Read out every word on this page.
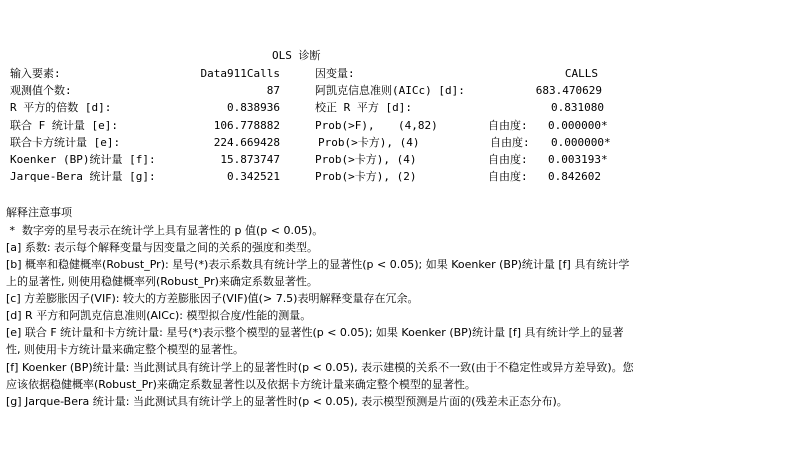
OLS 诊断
输入要素:	Data911Calls	因变量:	CALLS
观测值个数:	87	阿凯克信息准则(AICc) [d]:	683.470629
R 平方的倍数 [d]:	0.838936	校正 R 平方 [d]:	0.831080
联合 F 统计量 [e]:	106.778882	Prob(>F), (4,82)	自由度: 0.000000*
联合卡方统计量 [e]:	224.669428	Prob(>卡方), (4)	自由度: 0.000000*
Koenker (BP)统计量 [f]:	15.873747	Prob(>卡方), (4)	自由度: 0.003193*
Jarque-Bera 统计量 [g]:	0.342521	Prob(>卡方), (2)	自由度: 0.842602
解释注意事项
*  数字旁的星号表示在统计学上具有显著性的 p 值(p < 0.05)。
[a] 系数: 表示每个解释变量与因变量之间的关系的强度和类型。
[b] 概率和稳健概率(Robust_Pr): 星号(*)表示系数具有统计学上的显著性(p < 0.05); 如果 Koenker (BP)统计量 [f] 具有统计学
上的显著性, 则使用稳健概率列(Robust_Pr)来确定系数显著性。
[c] 方差膨胀因子(VIF): 较大的方差膨胀因子(VIF)值(> 7.5)表明解释变量存在冗余。
[d] R 平方和阿凯克信息准则(AICc): 模型拟合度/性能的测量。
[e] 联合 F 统计量和卡方统计量: 星号(*)表示整个模型的显著性(p < 0.05); 如果 Koenker (BP)统计量 [f] 具有统计学上的显著
性, 则使用卡方统计量来确定整个模型的显著性。
[f] Koenker (BP)统计量: 当此测试具有统计学上的显著性时(p < 0.05), 表示建模的关系不一致(由于不稳定性或异方差导致)。您
应该依据稳健概率(Robust_Pr)来确定系数显著性以及依据卡方统计量来确定整个模型的显著性。
[g] Jarque-Bera 统计量: 当此测试具有统计学上的显著性时(p < 0.05), 表示模型预测是片面的(残差未正态分布)。
